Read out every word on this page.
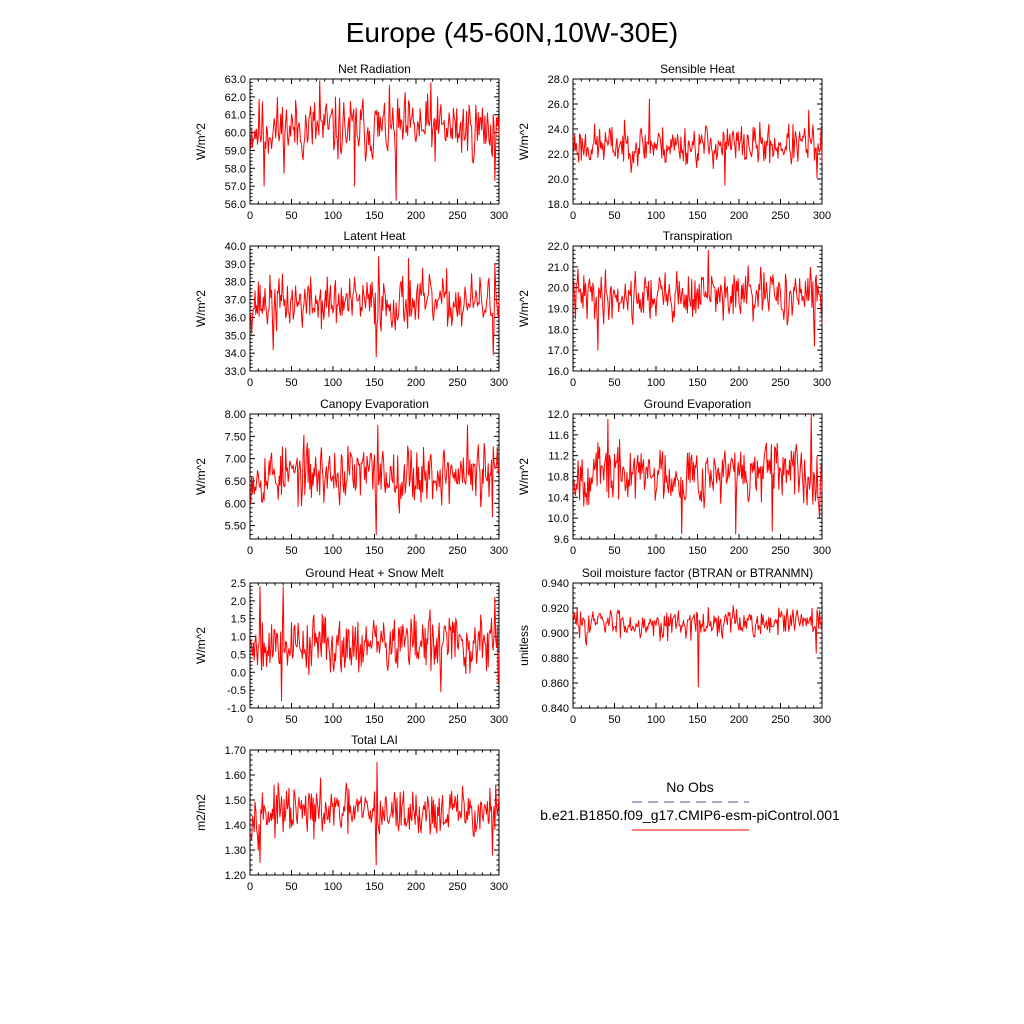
Europe (45-60N,10W-30E)
Net Radiation
W/m^2
0	50 100 150 200 250 300
56.0
57.0
58.0
59.0
60.0
61.0
62.0
63.0
Sensible Heat
W/m^2
0	50 100 150 200 250 300
18.0
20.0
22.0
24.0
26.0
28.0
Latent Heat
W/m^2
0	50 100 150 200 250 300
33.0
34.0
35.0
36.0
37.0
38.0
39.0
40.0
Transpiration
W/m^2
0	50 100 150 200 250 300
16.0
17.0
18.0
19.0
20.0
21.0
22.0
Canopy Evaporation
W/m^2
0	50 100 150 200 250 300
5.50
6.00
6.50
7.00
7.50
8.00
Ground Evaporation
W/m^2
0	50 100 150 200 250 300
9.6
10.0
10.4
10.8
11.2
11.6
12.0
Ground Heat + Snow Melt
W/m^2
0	50 100 150 200 250 300
-1.0
-0.5
0.0
0.5
1.0
1.5
2.0
2.5
Soil moisture factor (BTRAN or BTRANMN)
unitless
0	50 100 150 200 250 300
0.840
0.860
0.880
0.900
0.920
0.940
Total LAI
m2/m2
0	50 100 150 200 250 300
1.20
1.30
1.40
1.50
1.60
1.70
No Obs
b.e21.B1850.f09_g17.CMIP6-esm-piControl.001
